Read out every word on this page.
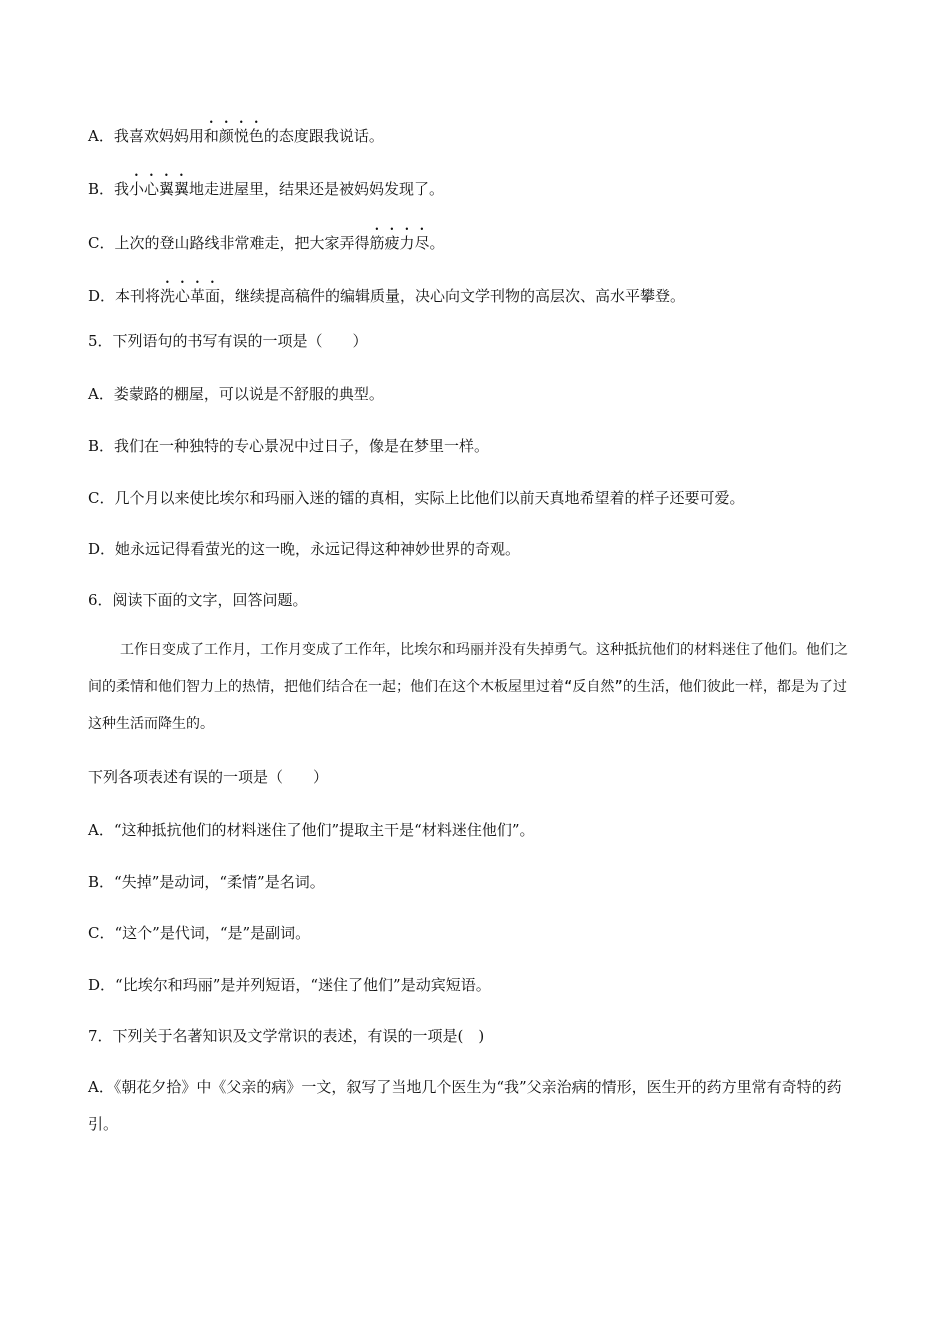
A．我喜欢妈妈用和颜悦色的态度跟我说话。

B．我小心翼翼地走进屋里，结果还是被妈妈发现了。

C．上次的登山路线非常难走，把大家弄得筋疲力尽。

D．本刊将洗心革面，继续提高稿件的编辑质量，决心向文学刊物的高层次、高水平攀登。

5．下列语句的书写有误的一项是（　　）

A．娄蒙路的棚屋，可以说是不舒服的典型。

B．我们在一种独特的专心景况中过日子，像是在梦里一样。

C．几个月以来使比埃尔和玛丽入迷的镭的真相，实际上比他们以前天真地希望着的样子还要可爱。

D．她永远记得看萤光的这一晚，永远记得这种神妙世界的奇观。

6．阅读下面的文字，回答问题。

工作日变成了工作月，工作月变成了工作年，比埃尔和玛丽并没有失掉勇气。这种抵抗他们的材料迷住了他们。他们之间的柔情和他们智力上的热情，把他们结合在一起；他们在这个木板屋里过着“反自然”的生活，他们彼此一样，都是为了过这种生活而降生的。

下列各项表述有误的一项是（　　）

A．“这种抵抗他们的材料迷住了他们”提取主干是“材料迷住他们”。

B．“失掉”是动词，“柔情”是名词。

C．“这个”是代词，“是”是副词。

D．“比埃尔和玛丽”是并列短语，“迷住了他们”是动宾短语。

7．下列关于名著知识及文学常识的表述，有误的一项是(　)

A．《朝花夕拾》中《父亲的病》一文，叙写了当地几个医生为“我”父亲治病的情形，医生开的药方里常有奇特的药引。
